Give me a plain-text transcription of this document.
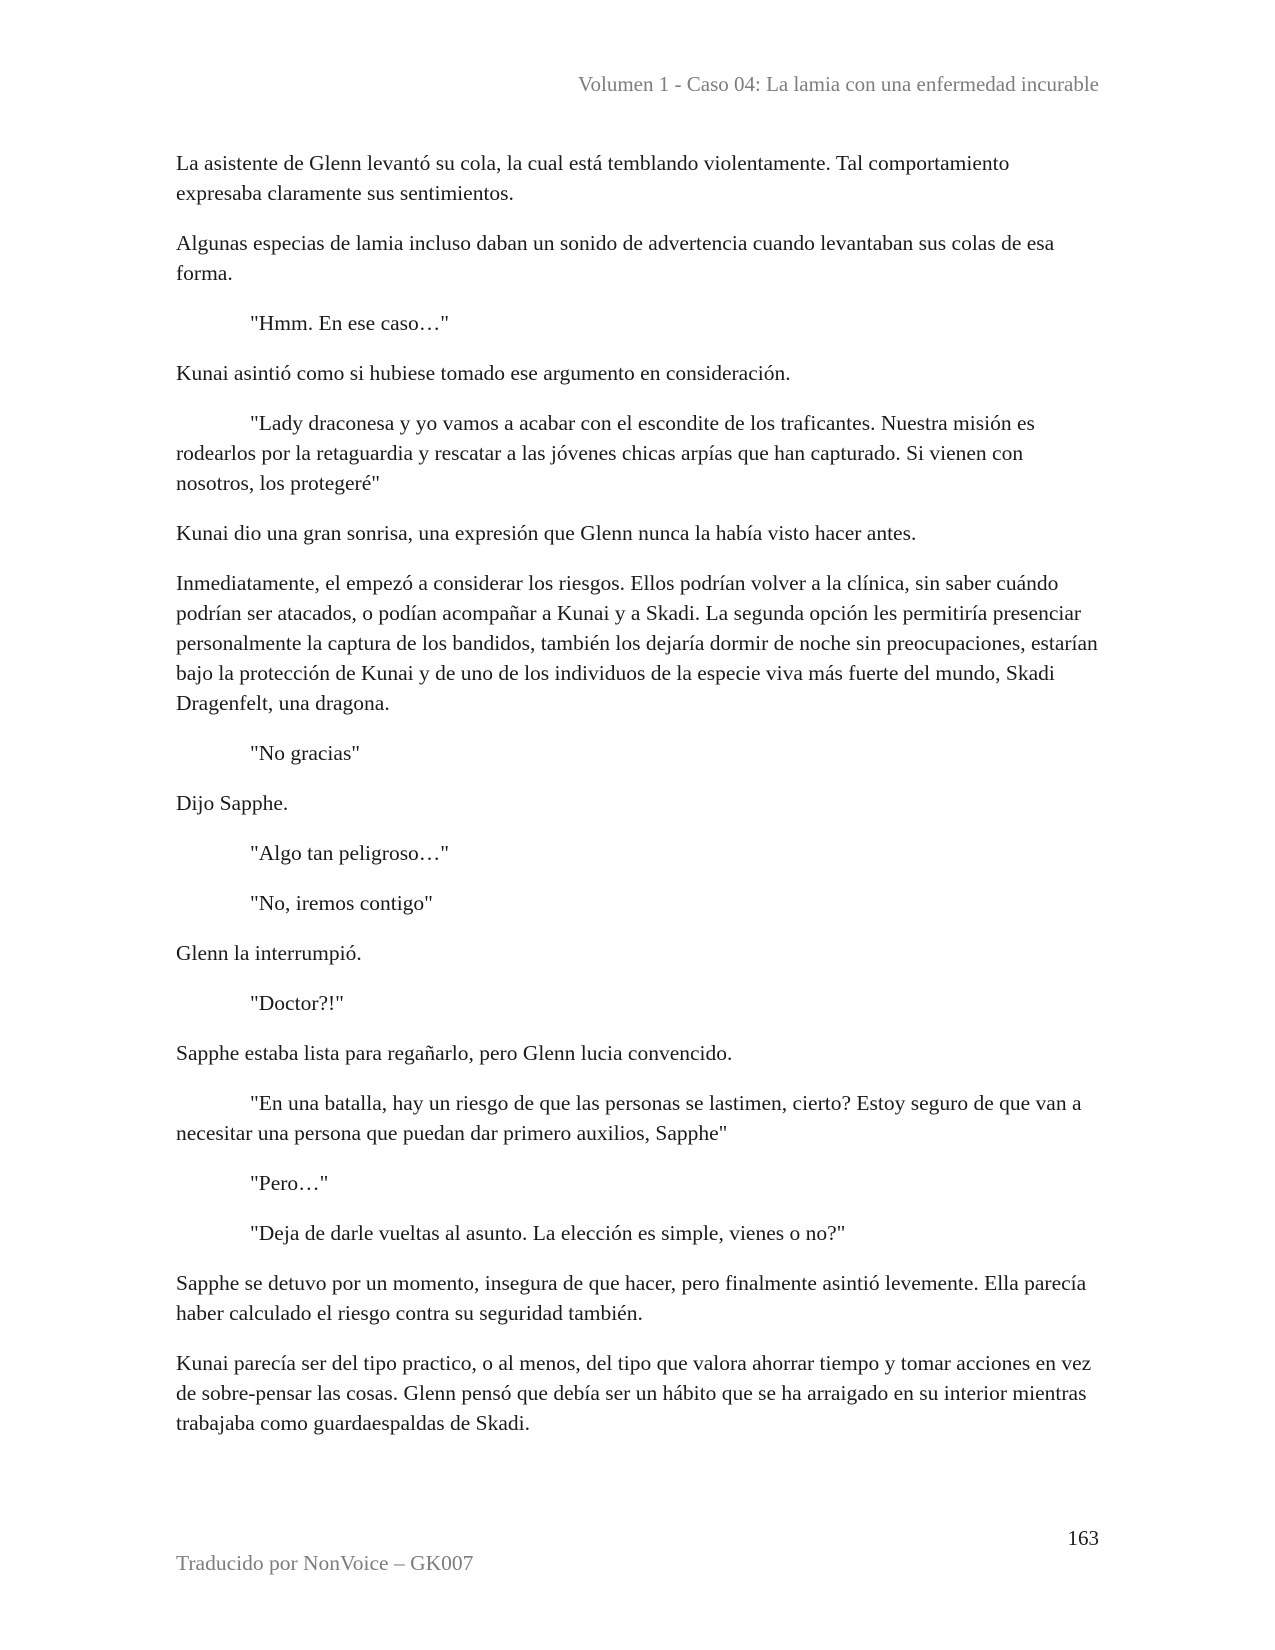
Volumen 1 - Caso 04: La lamia con una enfermedad incurable

La asistente de Glenn levantó su cola, la cual está temblando violentamente. Tal comportamiento expresaba claramente sus sentimientos.

Algunas especias de lamia incluso daban un sonido de advertencia cuando levantaban sus colas de esa forma.

"Hmm. En ese caso…"

Kunai asintió como si hubiese tomado ese argumento en consideración.

"Lady draconesa y yo vamos a acabar con el escondite de los traficantes. Nuestra misión es rodearlos por la retaguardia y rescatar a las jóvenes chicas arpías que han capturado. Si vienen con nosotros, los protegeré"

Kunai dio una gran sonrisa, una expresión que Glenn nunca la había visto hacer antes.

Inmediatamente, el empezó a considerar los riesgos. Ellos podrían volver a la clínica, sin saber cuándo podrían ser atacados, o podían acompañar a Kunai y a Skadi. La segunda opción les permitiría presenciar personalmente la captura de los bandidos, también los dejaría dormir de noche sin preocupaciones, estarían bajo la protección de Kunai y de uno de los individuos de la especie viva más fuerte del mundo, Skadi Dragenfelt, una dragona.

"No gracias"

Dijo Sapphe.

"Algo tan peligroso…"

"No, iremos contigo"

Glenn la interrumpió.

"Doctor?!"

Sapphe estaba lista para regañarlo, pero Glenn lucia convencido.

"En una batalla, hay un riesgo de que las personas se lastimen, cierto? Estoy seguro de que van a necesitar una persona que puedan dar primero auxilios, Sapphe"

"Pero…"

"Deja de darle vueltas al asunto. La elección es simple, vienes o no?"

Sapphe se detuvo por un momento, insegura de que hacer, pero finalmente asintió levemente. Ella parecía haber calculado el riesgo contra su seguridad también.

Kunai parecía ser del tipo practico, o al menos, del tipo que valora ahorrar tiempo y tomar acciones en vez de sobre-pensar las cosas. Glenn pensó que debía ser un hábito que se ha arraigado en su interior mientras trabajaba como guardaespaldas de Skadi.

163
Traducido por NonVoice – GK007
